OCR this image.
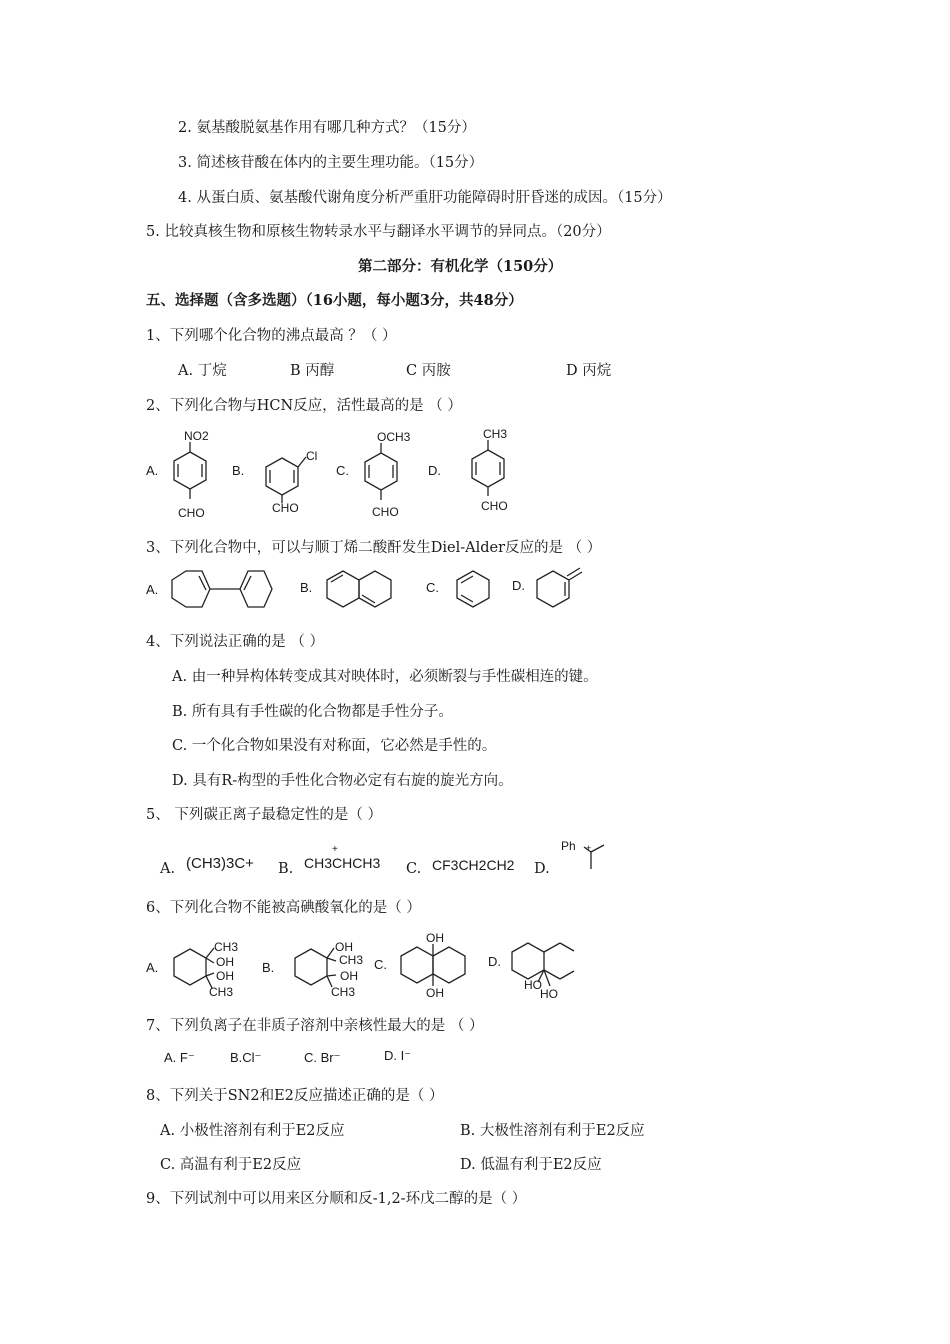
2. 氨基酸脱氨基作用有哪几种方式？（15分）
3. 简述核苷酸在体内的主要生理功能。（15分）
4. 从蛋白质、氨基酸代谢角度分析严重肝功能障碍时肝昏迷的成因。（15分）
5. 比较真核生物和原核生物转录水平与翻译水平调节的异同点。（20分）
第二部分：有机化学（150分）
五、选择题（含多选题）（16小题，每小题3分，共48分）
1、下列哪个化合物的沸点最高 ？（ ）
A. 丁烷	B 丙醇	C 丙胺	D 丙烷
2、下列化合物与HCN反应，活性最高的是 （ ）
A.	B.	C.	D.
NO2
CHO
Cl
CHO
OCH3
CHO
CH3
CHO
3、下列化合物中，可以与顺丁烯二酸酐发生Diel-Alder反应的是 （ ）
A.	B.	C.	D.
4、下列说法正确的是 （ ）
A. 由一种异构体转变成其对映体时，必须断裂与手性碳相连的键。
B. 所有具有手性碳的化合物都是手性分子。
C. 一个化合物如果没有对称面，它必然是手性的。
D. 具有R-构型的手性化合物必定有右旋的旋光方向。
5、 下列碳正离子最稳定性的是（ ）
A.	B.	C.	D.
(CH3)3C+	CH3CHCH3	CF3CH2CH2
+	Ph +
6、下列化合物不能被高碘酸氧化的是（ ）
A.	B.	C.	D.
CH3
OH
OH
CH3
OH
CH3
OH
CH3
OH
OH
HO
HO
7、下列负离子在非质子溶剂中亲核性最大的是 （ ）
A. F⁻	B.Cl⁻	C. Br⁻	D. I⁻
8、下列关于SN2和E2反应描述正确的是（ ）
A. 小极性溶剂有利于E2反应	B. 大极性溶剂有利于E2反应
C. 高温有利于E2反应	D. 低温有利于E2反应
9、下列试剂中可以用来区分顺和反-1,2-环戊二醇的是（ ）
